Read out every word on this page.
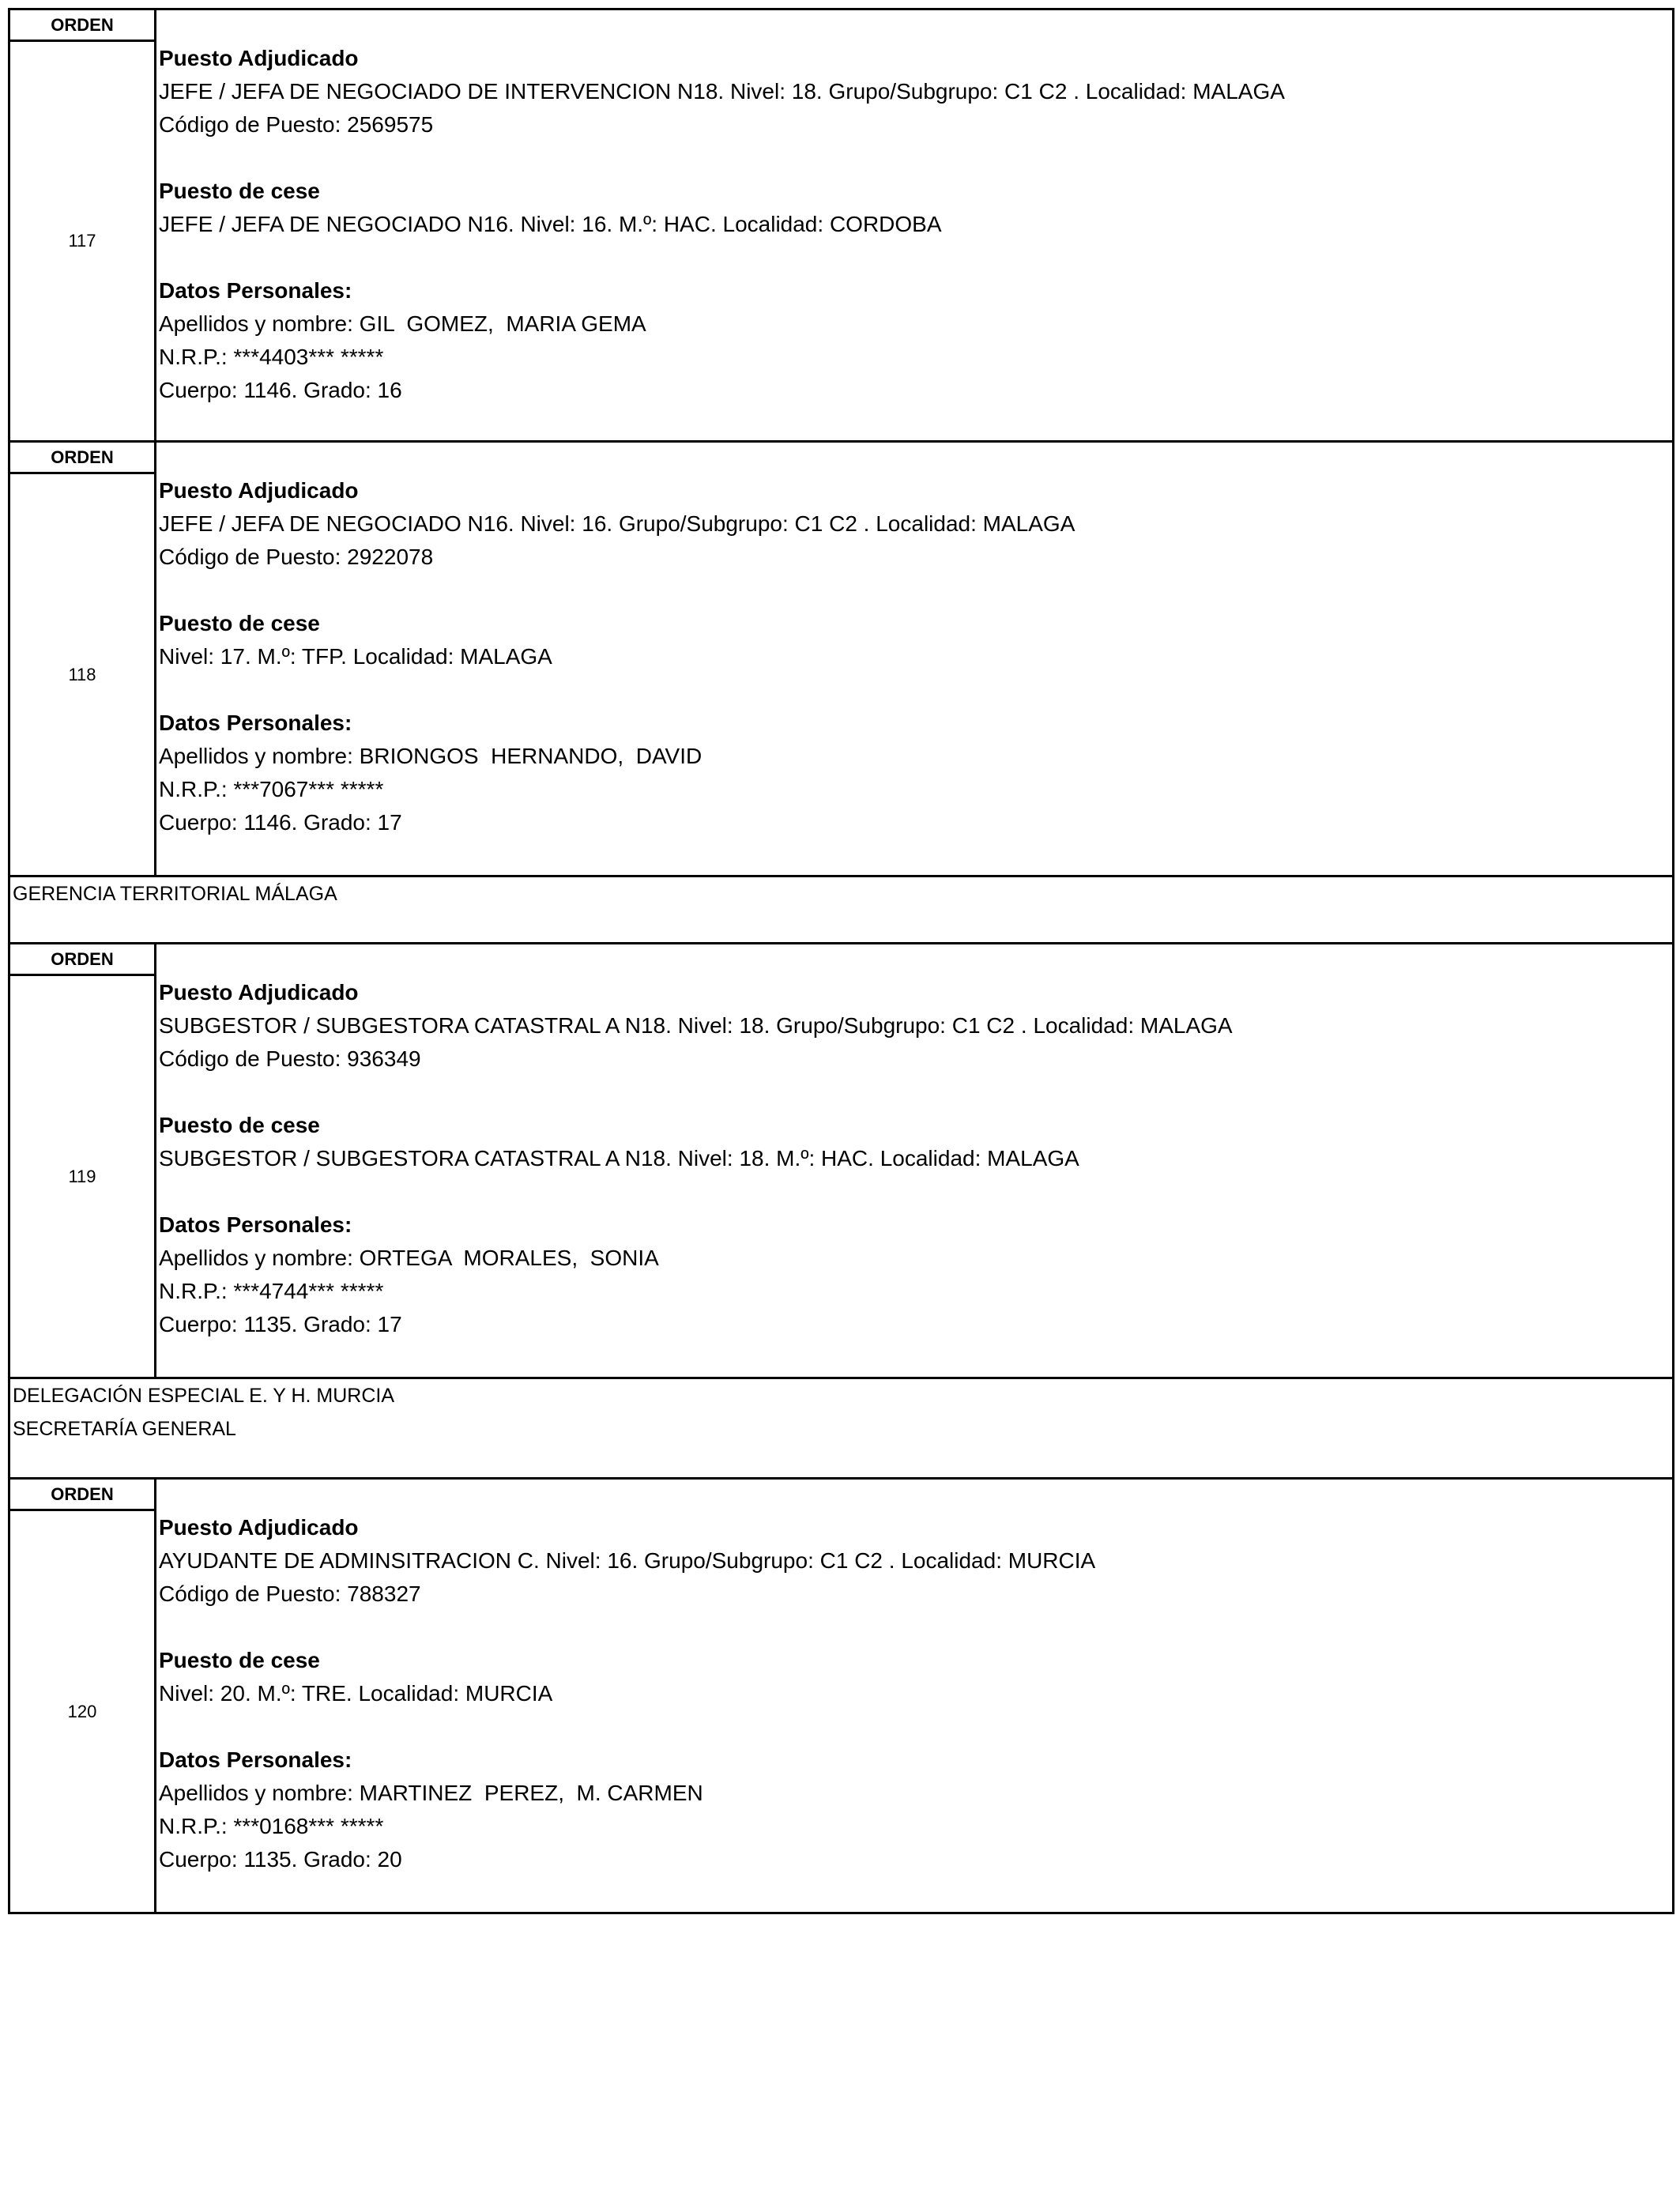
ORDEN
117
Puesto Adjudicado
JEFE / JEFA DE NEGOCIADO DE INTERVENCION N18. Nivel: 18. Grupo/Subgrupo: C1 C2 . Localidad: MALAGA
Código de Puesto: 2569575
Puesto de cese
JEFE / JEFA DE NEGOCIADO N16. Nivel: 16. M.º: HAC. Localidad: CORDOBA
Datos Personales:
Apellidos y nombre: GIL  GOMEZ,  MARIA GEMA
N.R.P.: ***4403*** *****
Cuerpo: 1146. Grado: 16
ORDEN
118
Puesto Adjudicado
JEFE / JEFA DE NEGOCIADO N16. Nivel: 16. Grupo/Subgrupo: C1 C2 . Localidad: MALAGA
Código de Puesto: 2922078
Puesto de cese
Nivel: 17. M.º: TFP. Localidad: MALAGA
Datos Personales:
Apellidos y nombre: BRIONGOS  HERNANDO,  DAVID
N.R.P.: ***7067*** *****
Cuerpo: 1146. Grado: 17
GERENCIA TERRITORIAL MÁLAGA
ORDEN
119
Puesto Adjudicado
SUBGESTOR / SUBGESTORA CATASTRAL A N18. Nivel: 18. Grupo/Subgrupo: C1 C2 . Localidad: MALAGA
Código de Puesto: 936349
Puesto de cese
SUBGESTOR / SUBGESTORA CATASTRAL A N18. Nivel: 18. M.º: HAC. Localidad: MALAGA
Datos Personales:
Apellidos y nombre: ORTEGA  MORALES,  SONIA
N.R.P.: ***4744*** *****
Cuerpo: 1135. Grado: 17
DELEGACIÓN ESPECIAL E. Y H. MURCIA
SECRETARÍA GENERAL
ORDEN
120
Puesto Adjudicado
AYUDANTE DE ADMINSITRACION C. Nivel: 16. Grupo/Subgrupo: C1 C2 . Localidad: MURCIA
Código de Puesto: 788327
Puesto de cese
Nivel: 20. M.º: TRE. Localidad: MURCIA
Datos Personales:
Apellidos y nombre: MARTINEZ  PEREZ,  M. CARMEN
N.R.P.: ***0168*** *****
Cuerpo: 1135. Grado: 20
